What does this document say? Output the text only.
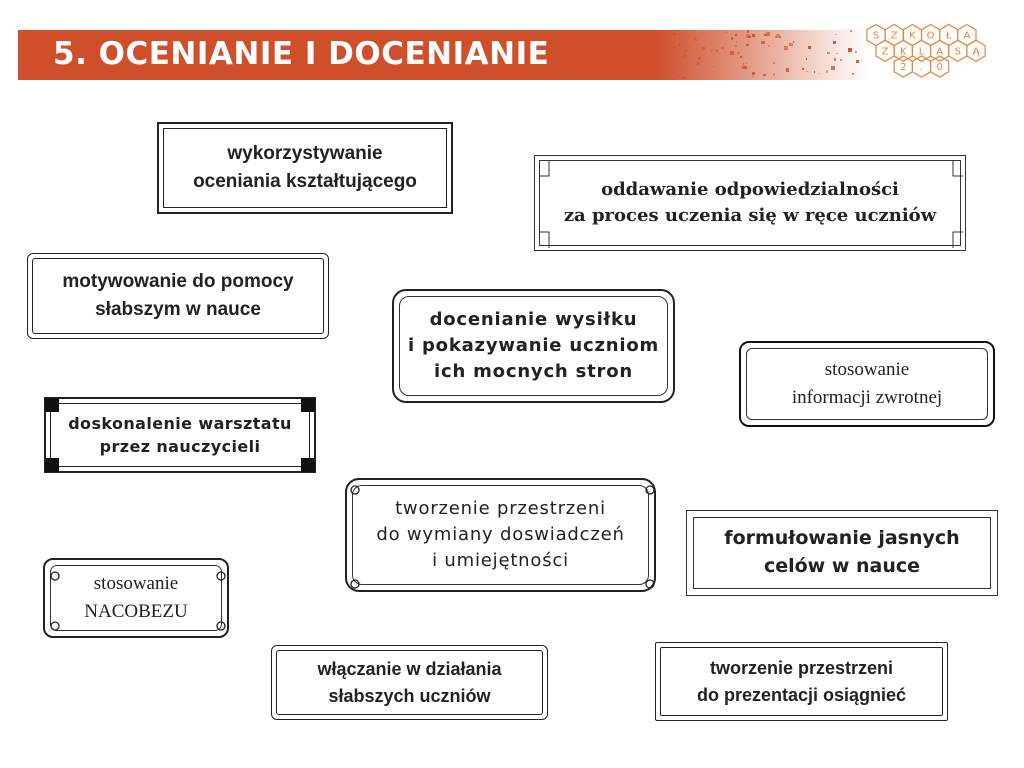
5. OCENIANIE I DOCENIANIE	S Z K O Ł A
Z K L A S Ą
2 . 0
wykorzystywanie
oceniania kształtującego	oddawanie odpowiedzialności
za proces uczenia się w ręce uczniów
motywowanie do pomocy
słabszym w nauce	docenianie wysiłku
i pokazywanie uczniom
ich mocnych stron	stosowanie
informacji zwrotnej
doskonalenie warsztatu
przez nauczycieli
tworzenie przestrzeni
do wymiany doswiadczeń
i umiejętności
formułowanie jasnych
celów w nauce
stosowanie
NACOBEZU
włączanie w działania
słabszych uczniów
tworzenie przestrzeni
do prezentacji osiągnieć
